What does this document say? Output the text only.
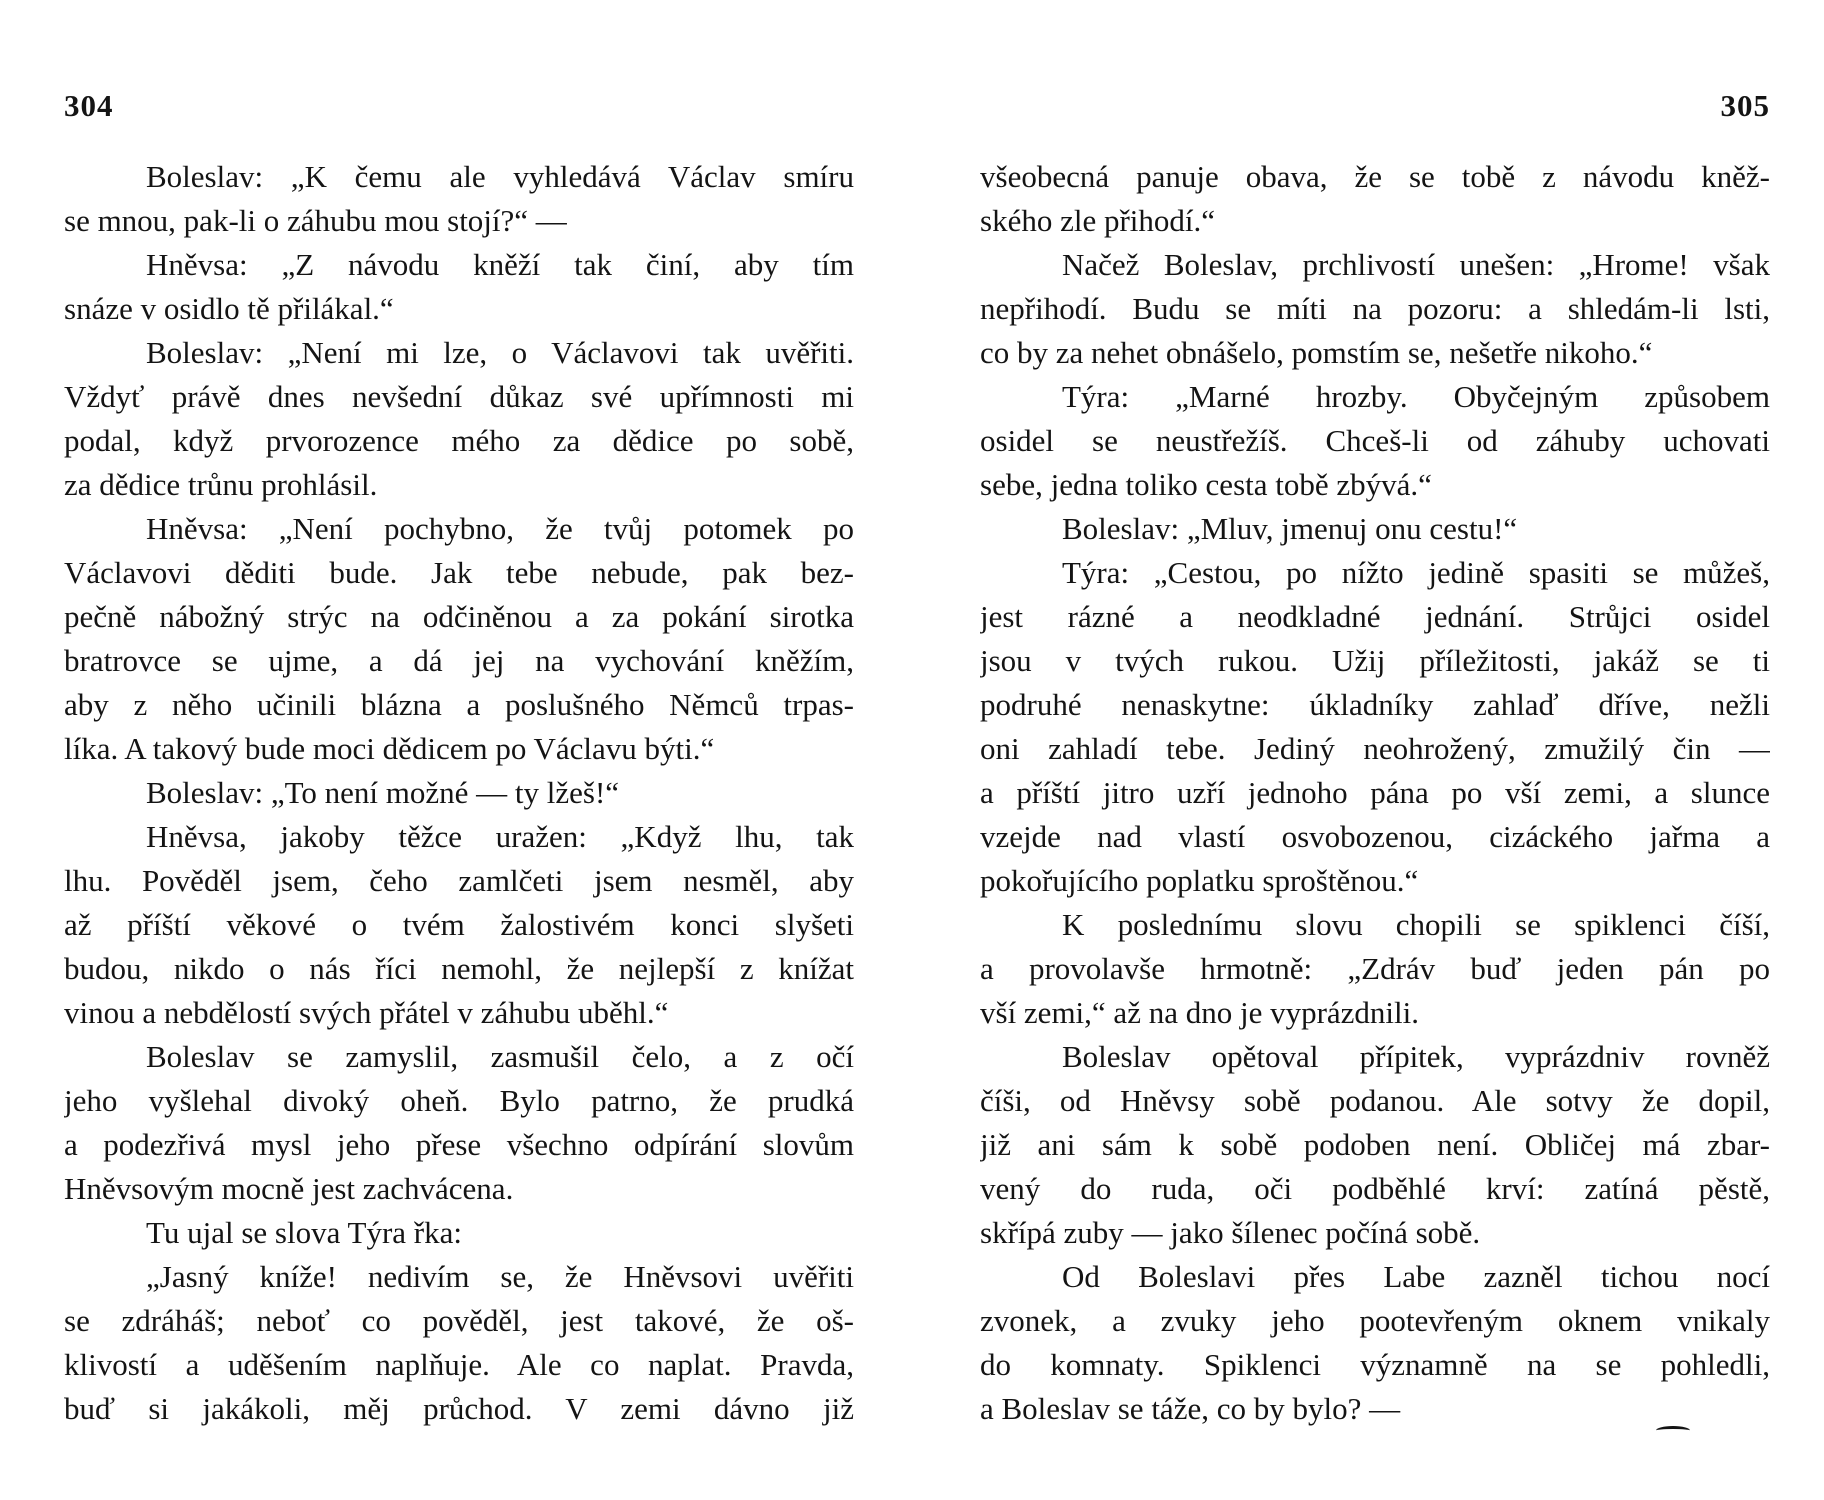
304
Boleslav: „K čemu ale vyhledává Václav smíru
se mnou, pak-li o záhubu mou stojí?“ —
Hněvsa: „Z návodu kněží tak činí, aby tím
snáze v osidlo tě přilákal.“
Boleslav: „Není mi lze, o Václavovi tak uvěřiti.
Vždyť právě dnes nevšední důkaz své upřímnosti mi
podal, když prvorozence mého za dědice po sobě,
za dědice trůnu prohlásil.
Hněvsa: „Není pochybno, že tvůj potomek po
Václavovi děditi bude. Jak tebe nebude, pak bez-
pečně nábožný strýc na odčiněnou a za pokání sirotka
bratrovce se ujme, a dá jej na vychování kněžím,
aby z něho učinili blázna a poslušného Němců trpas-
líka. A takový bude moci dědicem po Václavu býti.“
Boleslav: „To není možné — ty lžeš!“
Hněvsa, jakoby těžce uražen: „Když lhu, tak
lhu. Pověděl jsem, čeho zamlčeti jsem nesměl, aby
až příští věkové o tvém žalostivém konci slyšeti
budou, nikdo o nás říci nemohl, že nejlepší z knížat
vinou a nebdělostí svých přátel v záhubu uběhl.“
Boleslav se zamyslil, zasmušil čelo, a z očí
jeho vyšlehal divoký oheň. Bylo patrno, že prudká
a podezřivá mysl jeho přese všechno odpírání slovům
Hněvsovým mocně jest zachvácena.
Tu ujal se slova Týra řka:
„Jasný kníže! nedivím se, že Hněvsovi uvěřiti
se zdráháš; neboť co pověděl, jest takové, že oš-
klivostí a uděšením naplňuje. Ale co naplat. Pravda,
buď si jakákoli, měj průchod. V zemi dávno již
305
všeobecná panuje obava, že se tobě z návodu kněž-
ského zle přihodí.“
Načež Boleslav, prchlivostí unešen: „Hrome! však
nepřihodí. Budu se míti na pozoru: a shledám-li lsti,
co by za nehet obnášelo, pomstím se, nešetře nikoho.“
Týra: „Marné hrozby. Obyčejným způsobem
osidel se neustřežíš. Chceš-li od záhuby uchovati
sebe, jedna toliko cesta tobě zbývá.“
Boleslav: „Mluv, jmenuj onu cestu!“
Týra: „Cestou, po nížto jedině spasiti se můžeš,
jest rázné a neodkladné jednání. Strůjci osidel
jsou v tvých rukou. Užij příležitosti, jakáž se ti
podruhé nenaskytne: úkladníky zahlaď dříve, nežli
oni zahladí tebe. Jediný neohrožený, zmužilý čin —
a příští jitro uzří jednoho pána po vší zemi, a slunce
vzejde nad vlastí osvobozenou, cizáckého jařma a
pokořujícího poplatku sproštěnou.“
K poslednímu slovu chopili se spiklenci číší,
a provolavše hrmotně: „Zdráv buď jeden pán po
vší zemi,“ až na dno je vyprázdnili.
Boleslav opětoval přípitek, vyprázdniv rovněž
číši, od Hněvsy sobě podanou. Ale sotvy že dopil,
již ani sám k sobě podoben není. Obličej má zbar-
vený do ruda, oči podběhlé krví: zatíná pěstě,
skřípá zuby — jako šílenec počíná sobě.
Od Boleslavi přes Labe zazněl tichou nocí
zvonek, a zvuky jeho pootevřeným oknem vnikaly
do komnaty. Spiklenci významně na se pohledli,
a Boleslav se táže, co by bylo? —
